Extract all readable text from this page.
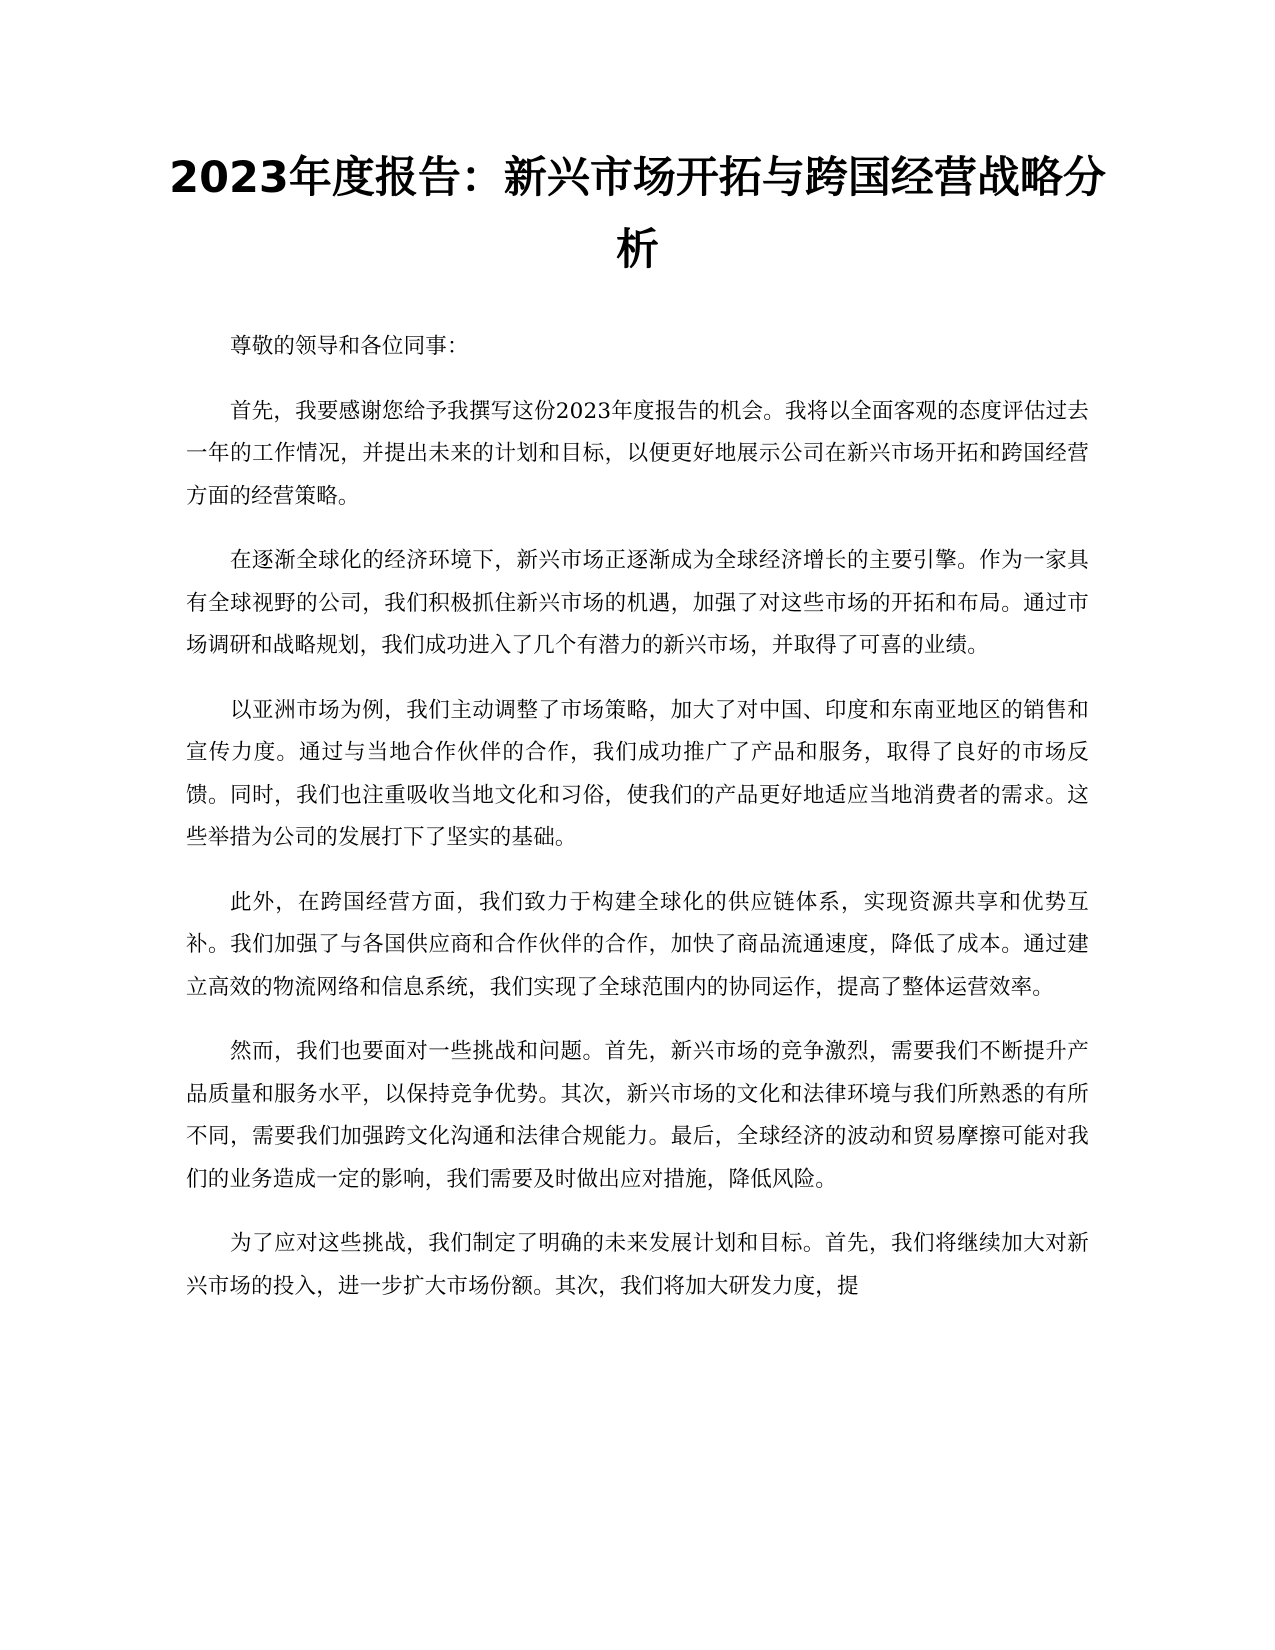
2023年度报告：新兴市场开拓与跨国经营战略分析

尊敬的领导和各位同事：

首先，我要感谢您给予我撰写这份2023年度报告的机会。我将以全面客观的态度评估过去一年的工作情况，并提出未来的计划和目标，以便更好地展示公司在新兴市场开拓和跨国经营方面的经营策略。

在逐渐全球化的经济环境下，新兴市场正逐渐成为全球经济增长的主要引擎。作为一家具有全球视野的公司，我们积极抓住新兴市场的机遇，加强了对这些市场的开拓和布局。通过市场调研和战略规划，我们成功进入了几个有潜力的新兴市场，并取得了可喜的业绩。

以亚洲市场为例，我们主动调整了市场策略，加大了对中国、印度和东南亚地区的销售和宣传力度。通过与当地合作伙伴的合作，我们成功推广了产品和服务，取得了良好的市场反馈。同时，我们也注重吸收当地文化和习俗，使我们的产品更好地适应当地消费者的需求。这些举措为公司的发展打下了坚实的基础。

此外，在跨国经营方面，我们致力于构建全球化的供应链体系，实现资源共享和优势互补。我们加强了与各国供应商和合作伙伴的合作，加快了商品流通速度，降低了成本。通过建立高效的物流网络和信息系统，我们实现了全球范围内的协同运作，提高了整体运营效率。

然而，我们也要面对一些挑战和问题。首先，新兴市场的竞争激烈，需要我们不断提升产品质量和服务水平，以保持竞争优势。其次，新兴市场的文化和法律环境与我们所熟悉的有所不同，需要我们加强跨文化沟通和法律合规能力。最后，全球经济的波动和贸易摩擦可能对我们的业务造成一定的影响，我们需要及时做出应对措施，降低风险。

为了应对这些挑战，我们制定了明确的未来发展计划和目标。首先，我们将继续加大对新兴市场的投入，进一步扩大市场份额。其次，我们将加大研发力度，提
